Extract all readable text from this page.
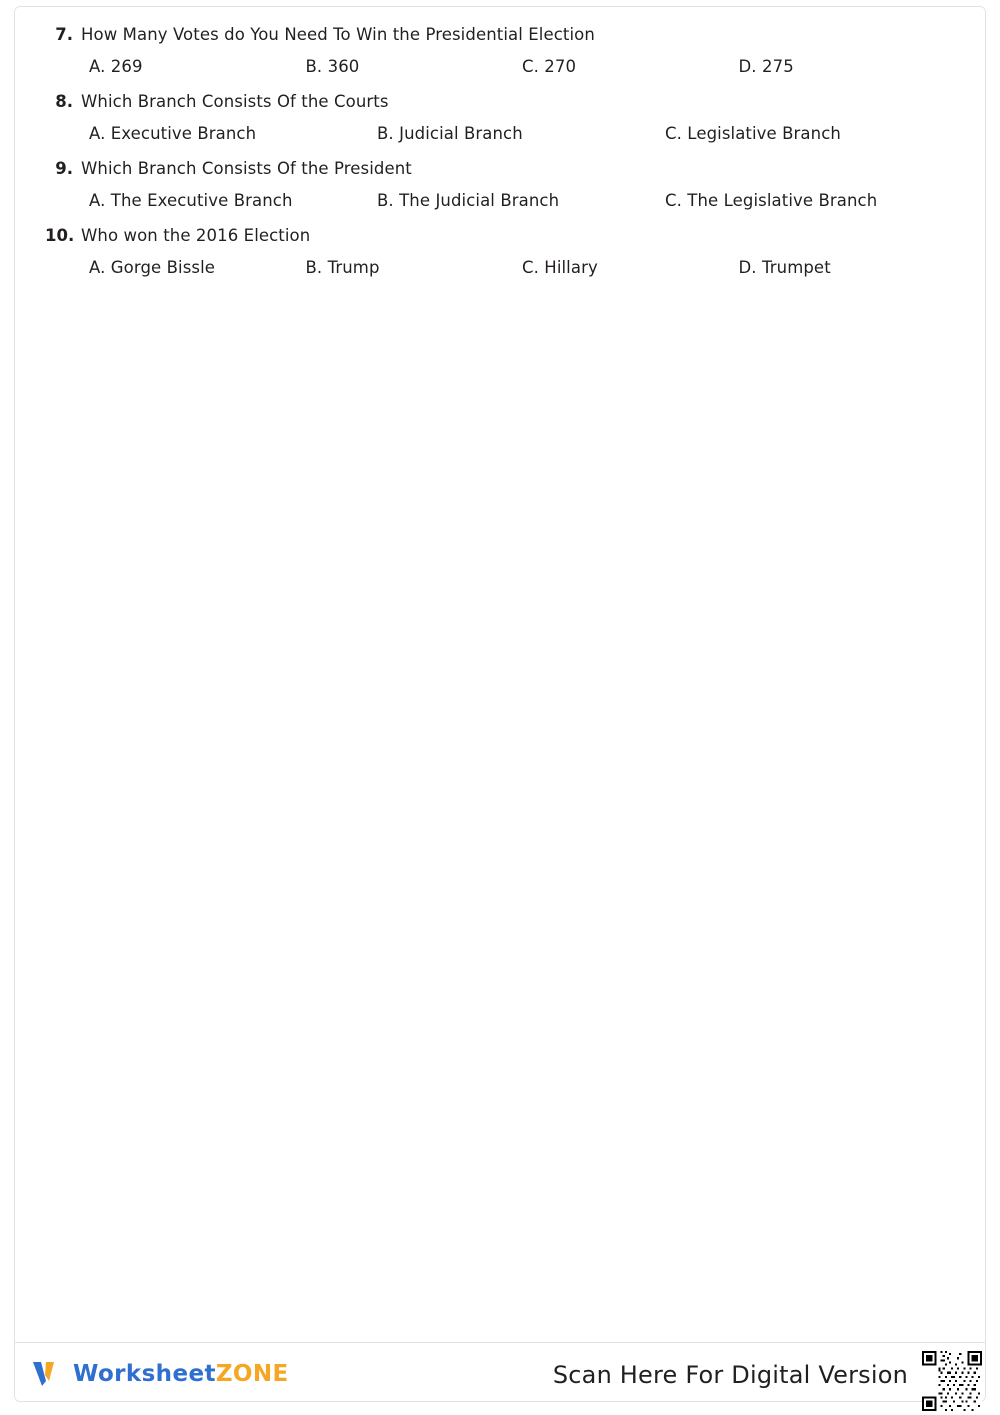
7. How Many Votes do You Need To Win the Presidential Election
A. 269	B. 360	C. 270	D. 275
8. Which Branch Consists Of the Courts
A. Executive Branch	B. Judicial Branch	C. Legislative Branch
9. Which Branch Consists Of the President
A. The Executive Branch	B. The Judicial Branch	C. The Legislative Branch
10. Who won the 2016 Election
A. Gorge Bissle	B. Trump	C. Hillary	D. Trumpet
WorksheetZONE	Scan Here For Digital Version
